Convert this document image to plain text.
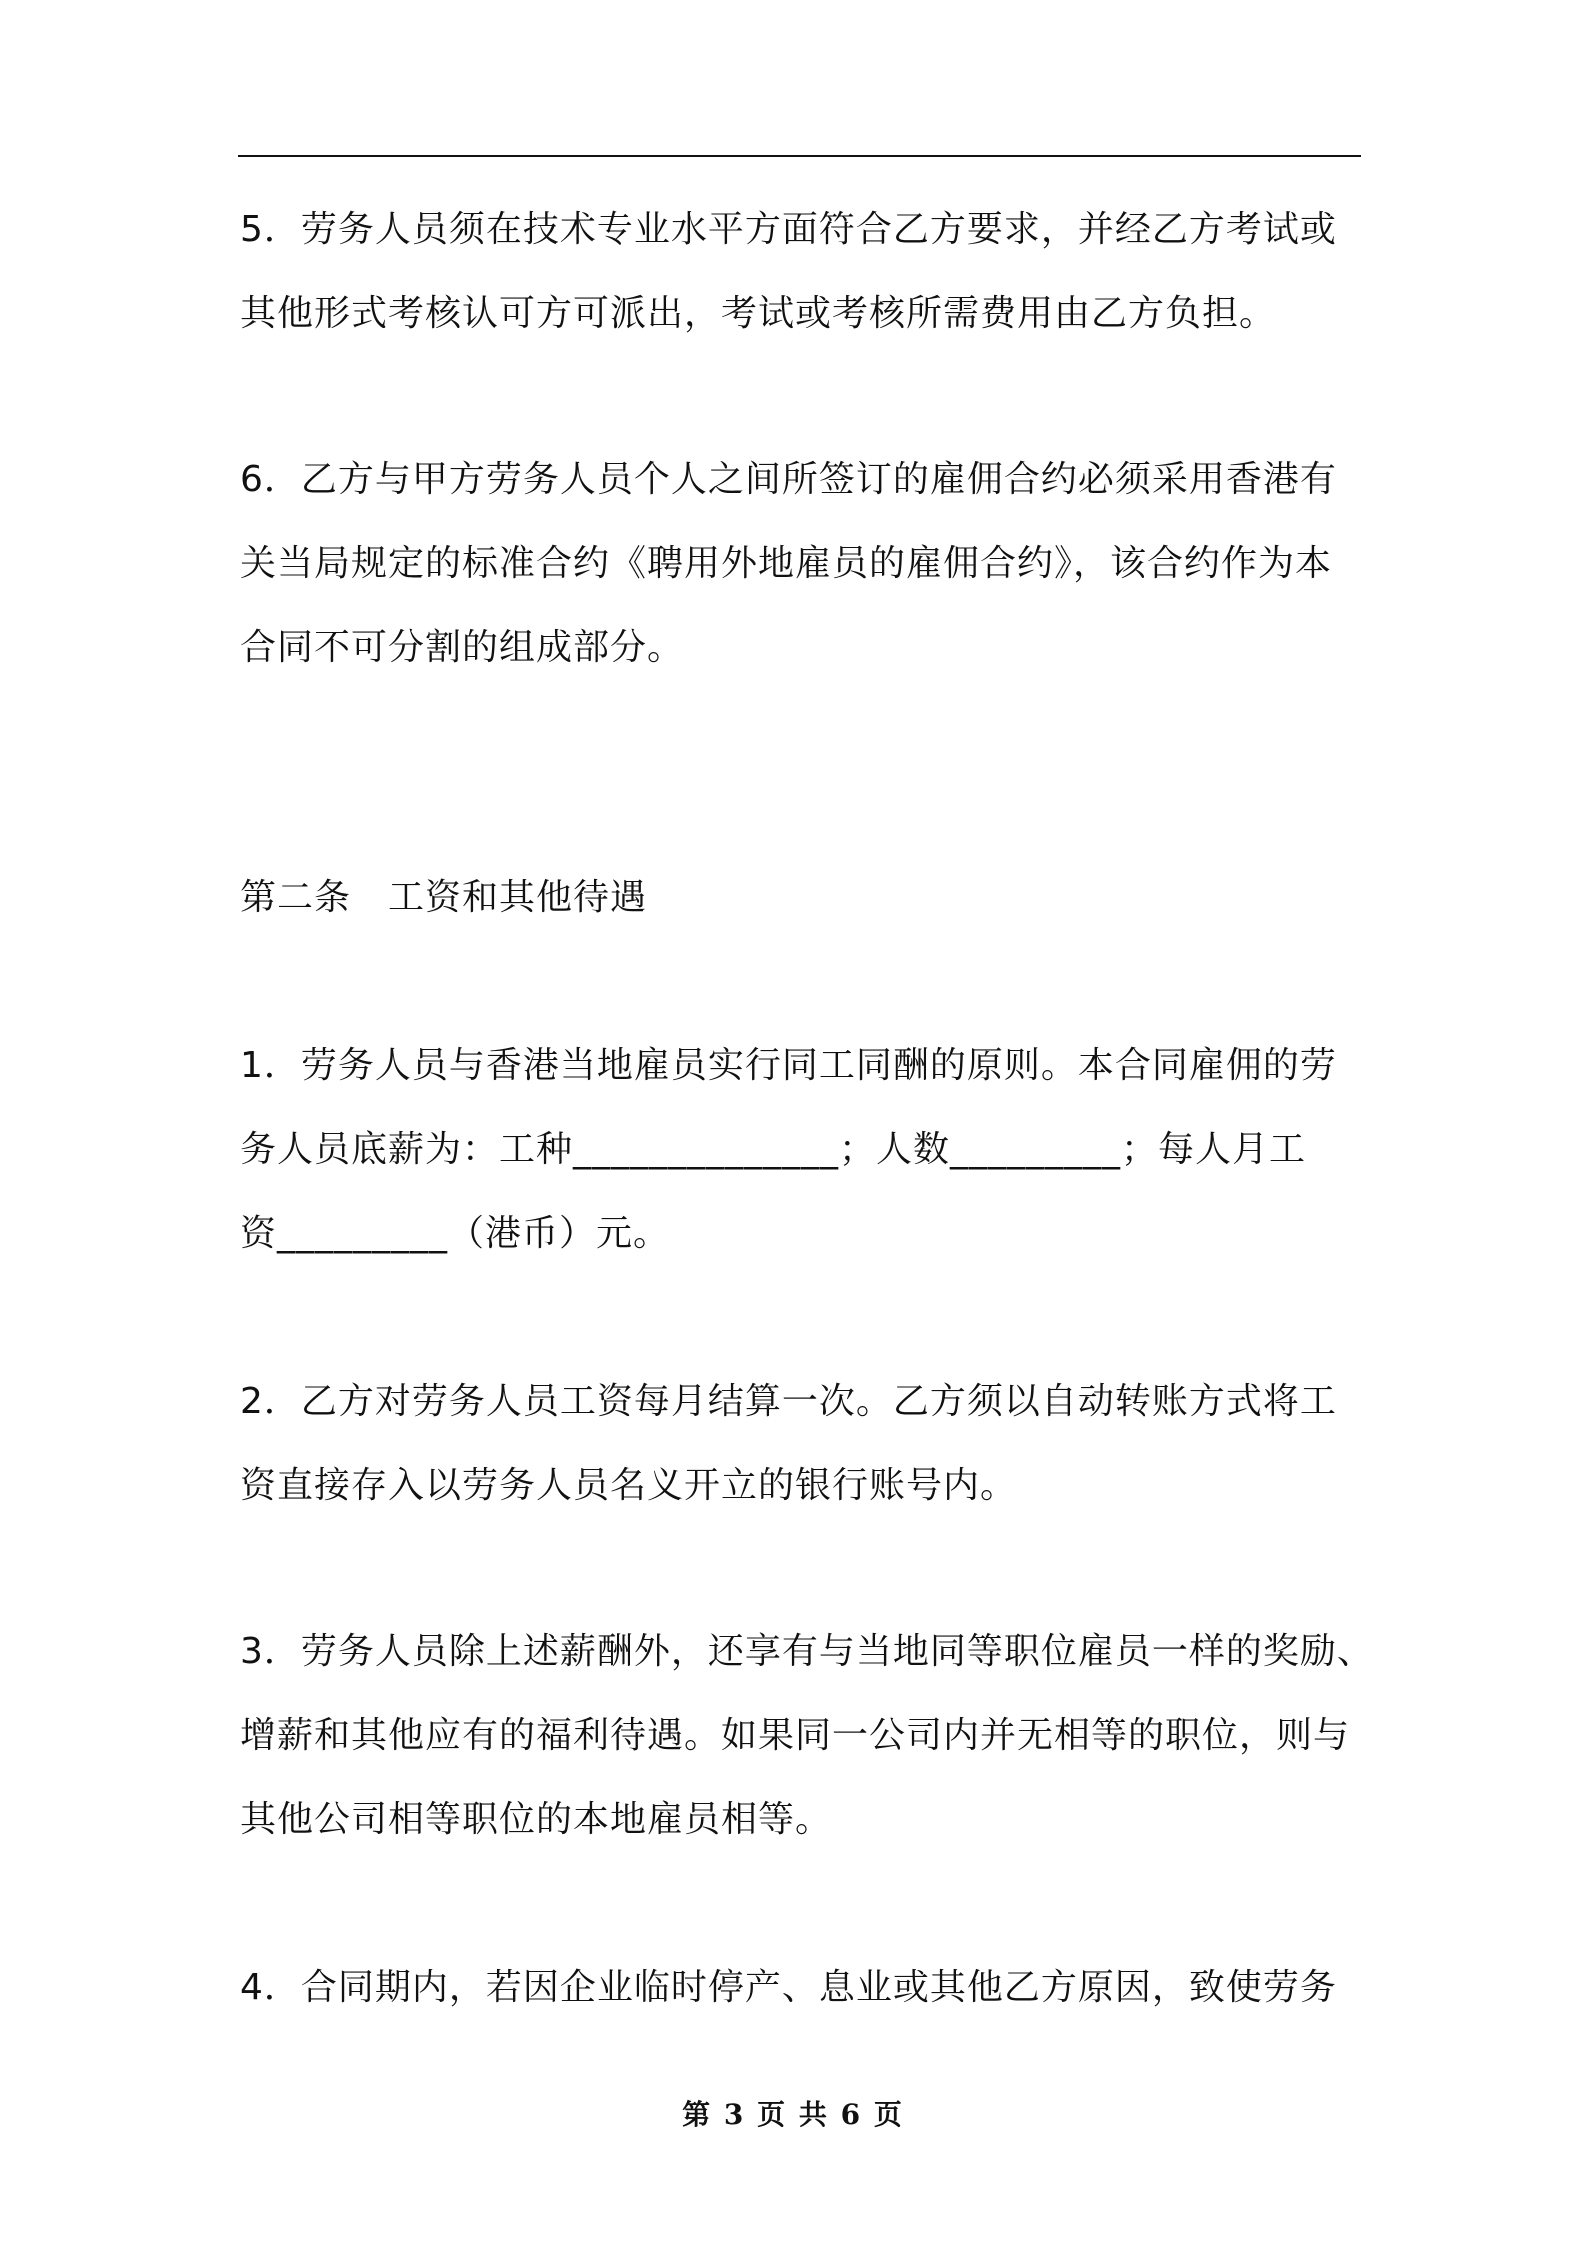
5．劳务人员须在技术专业水平方面符合乙方要求，并经乙方考试或

其他形式考核认可方可派出，考试或考核所需费用由乙方负担。

6．乙方与甲方劳务人员个人之间所签订的雇佣合约必须采用香港有

关当局规定的标准合约《聘用外地雇员的雇佣合约》，该合约作为本

合同不可分割的组成部分。

第二条　工资和其他待遇

1．劳务人员与香港当地雇员实行同工同酬的原则。本合同雇佣的劳

务人员底薪为：工种______________；人数_________；每人月工

资_________（港币）元。

2．乙方对劳务人员工资每月结算一次。乙方须以自动转账方式将工

资直接存入以劳务人员名义开立的银行账号内。

3．劳务人员除上述薪酬外，还享有与当地同等职位雇员一样的奖励、

增薪和其他应有的福利待遇。如果同一公司内并无相等的职位，则与

其他公司相等职位的本地雇员相等。

4．合同期内，若因企业临时停产、息业或其他乙方原因，致使劳务

第 3 页 共 6 页
